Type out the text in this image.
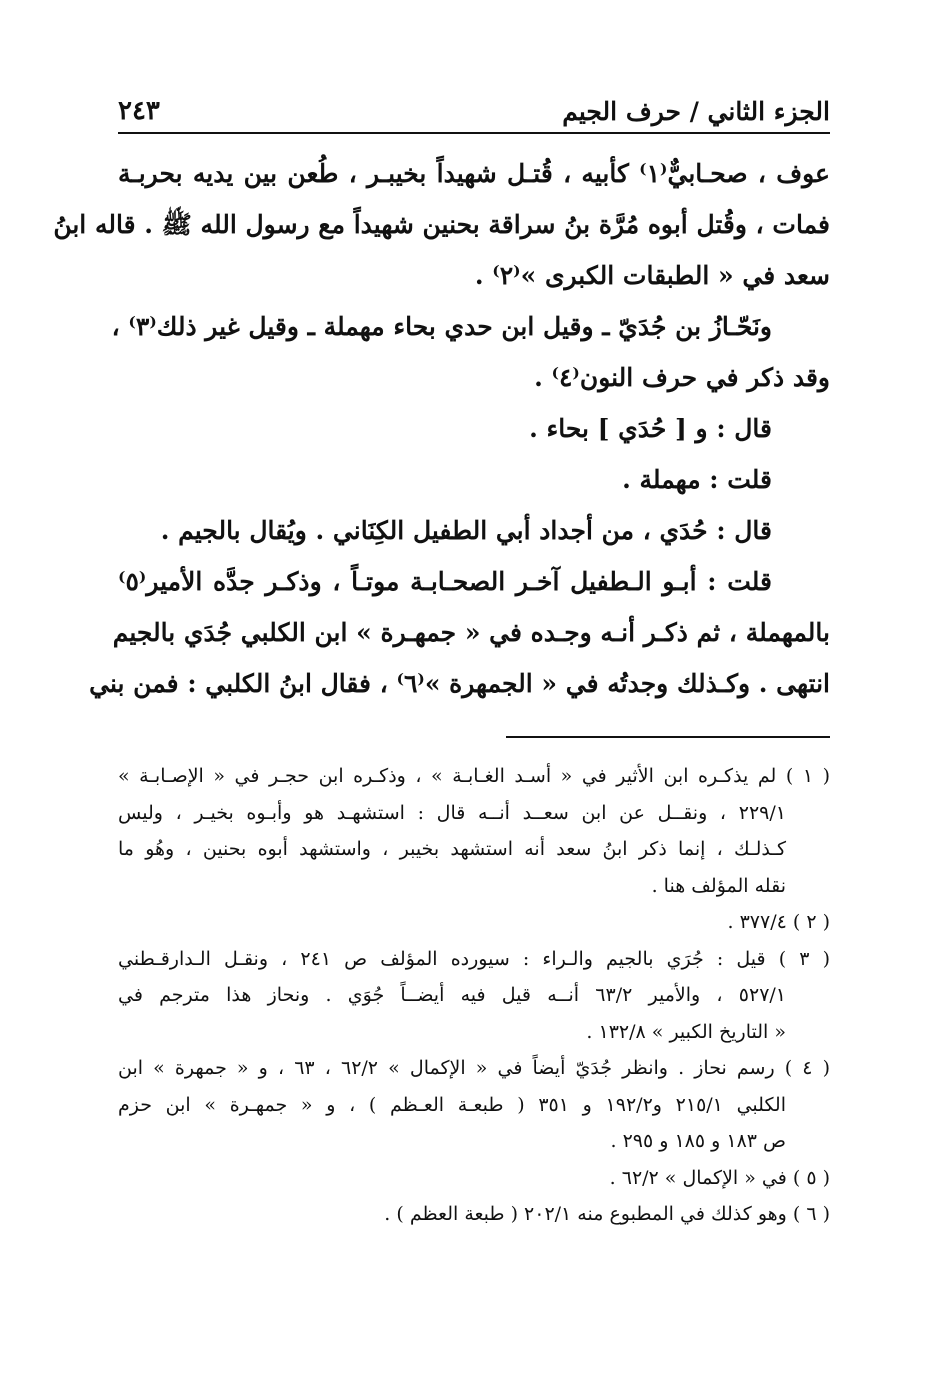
الجزء الثاني / حرف الجيم
٢٤٣
عوف ، صحـابيٌّ⁽١⁾ كأبيه ، قُتـل شهيداً بخيبـر ، طُعن بين يديه بحربـة
فمات ، وقُتل أبوه مُرَّة بنُ سراقة بحنين شهيداً مع رسول الله ﷺ . قاله ابنُ
سعد في « الطبقات الكبرى »⁽٢⁾ .
ونَحّـازُ بن جُدَيّ ـ وقيل ابن حدي بحاء مهملة ـ وقيل غير ذلك⁽٣⁾ ،
وقد ذكر في حرف النون⁽٤⁾ .
قال : و [ حُدَي ] بحاء .
قلت : مهملة .
قال : حُدَي ، من أجداد أبي الطفيل الكِنَاني . ويُقال بالجيم .
قلت : أبـو الـطفيل آخـر الصحـابـة موتـاً ، وذكـر جدَّه الأمير⁽٥⁾
بالمهملة ، ثم ذكـر أنـه وجـده في « جمهـرة » ابن الكلبي جُدَي بالجيم
انتهى . وكـذلك وجدتُه في « الجمهرة »⁽٦⁾ ، فقال ابنُ الكلبي : فمن بني
( ١ ) لم يذكـره ابن الأثير في « أسـد الغـابـة » ، وذكـره ابن حجـر في « الإصـابـة »
٢٢٩/١ ، ونقــل عن ابن سعــد أنــه قال : استشهـد هو وأبـوه بخيـر ، وليس
كـذلـك ، إنما ذكر ابنُ سعد أنه استشهد بخيبر ، واستشهد أبوه بحنين ، وهُو ما
نقله المؤلف هنا .
( ٢ ) ٣٧٧/٤ .
( ٣ ) قيل : جُرَي بالجيم والـراء : سيورده المؤلف ص ٢٤١ ، ونقـل الـدارقـطني
٥٢٧/١ ، والأمير ٦٣/٢ أنــه قيل فيه أيضــاً جُوَي . ونحاز هذا مترجم في
« التاريخ الكبير » ١٣٢/٨ .
( ٤ ) رسم نحاز . وانظر جُدَيّ أيضاً في « الإكمال » ٦٢/٢ ، ٦٣ ، و « جمهرة » ابن
الكلبي ٢١٥/١ و١٩٢/٢ و ٣٥١ ( طبعـة العـظم ) ، و « جمهـرة » ابن حزم
ص ١٨٣ و ١٨٥ و ٢٩٥ .
( ٥ ) في « الإكمال » ٦٢/٢ .
( ٦ ) وهو كذلك في المطبوع منه ٢٠٢/١ ( طبعة العظم ) .
